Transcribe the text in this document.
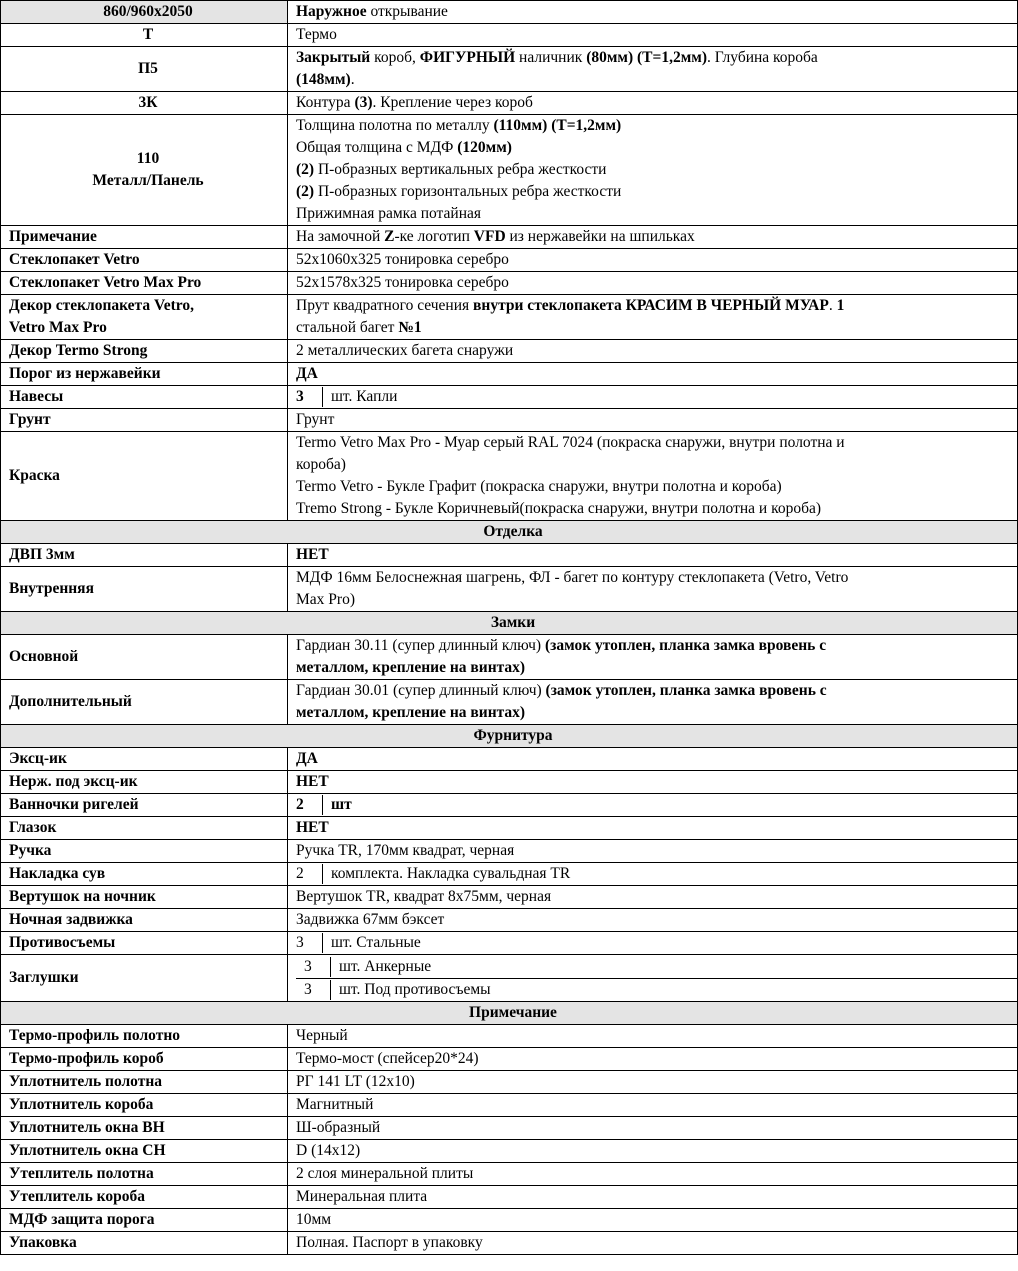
860/960x2050	Наружное открывание
Т	Термо
П5	Закрытый короб, ФИГУРНЫЙ наличник (80мм) (Т=1,2мм). Глубина короба
(148мм).
3К	Контура (3). Крепление через короб

110
Металл/Панель	Толщина полотна по металлу (110мм) (Т=1,2мм)
Общая толщина с МДФ (120мм)
(2) П-образных вертикальных ребра жесткости
(2) П-образных горизонтальных ребра жесткости
Прижимная рамка потайная

Примечание	На замочной Z-ке логотип VFD из нержавейки на шпильках
Стеклопакет Vetro	52x1060x325 тонировка серебро
Стеклопакет Vetro Max Pro	52x1578x325 тонировка серебро

Декор стеклопакета Vetro,
Vetro Max Pro	Прут квадратного сечения внутри стеклопакета КРАСИМ В ЧЕРНЫЙ МУАР. 1
стальной багет №1

Декор Termo Strong	2 металлических багета снаружи
Порог из нержавейки	ДА
Навесы	3 шт. Капли
Грунт	Грунт
Краска	Termo Vetro Max Pro - Муар серый RAL 7024 (покраска снаружи, внутри полотна и
короба)
Termo Vetro - Букле Графит (покраска снаружи, внутри полотна и короба)
Tremo Strong - Букле Коричневый(покраска снаружи, внутри полотна и короба)

Отделка	
ДВП 3мм	НЕТ
Внутренняя	МДФ 16мм Белоснежная шагрень, ФЛ - багет по контуру стеклопакета (Vetro, Vetro
Max Pro)

Замки	
Основной	Гардиан 30.11 (супер длинный ключ) (замок утоплен, планка замка вровень с
металлом, крепление на винтах)

Дополнительный	Гардиан 30.01 (супер длинный ключ) (замок утоплен, планка замка вровень с
металлом, крепление на винтах)

Фурнитура	
Эксц-ик	ДА
Нерж. под эксц-ик	НЕТ
Ванночки ригелей	2 шт
Глазок	НЕТ
Ручка	Ручка TR, 170мм квадрат, черная
Накладка сув	2 комплекта. Накладка сувальдная TR
Вертушок на ночник	Вертушок TR, квадрат 8х75мм, черная
Ночная задвижка	Задвижка 67мм бэксет
Противосъемы	3 шт. Стальные
Заглушки	3 шт. Анкерные
3 шт. Под противосъемы

Примечание	
Термо-профиль полотно	Черный
Термо-профиль короб	Термо-мост (спейсер20*24)
Уплотнитель полотна	РГ 141 LT (12x10)
Уплотнитель короба	Магнитный
Уплотнитель окна ВН	Ш-образный
Уплотнитель окна СН	D (14x12)
Утеплитель полотна	2 слоя минеральной плиты
Утеплитель короба	Минеральная плита
МДФ защита порога	10мм
Упаковка	Полная. Паспорт в упаковку
